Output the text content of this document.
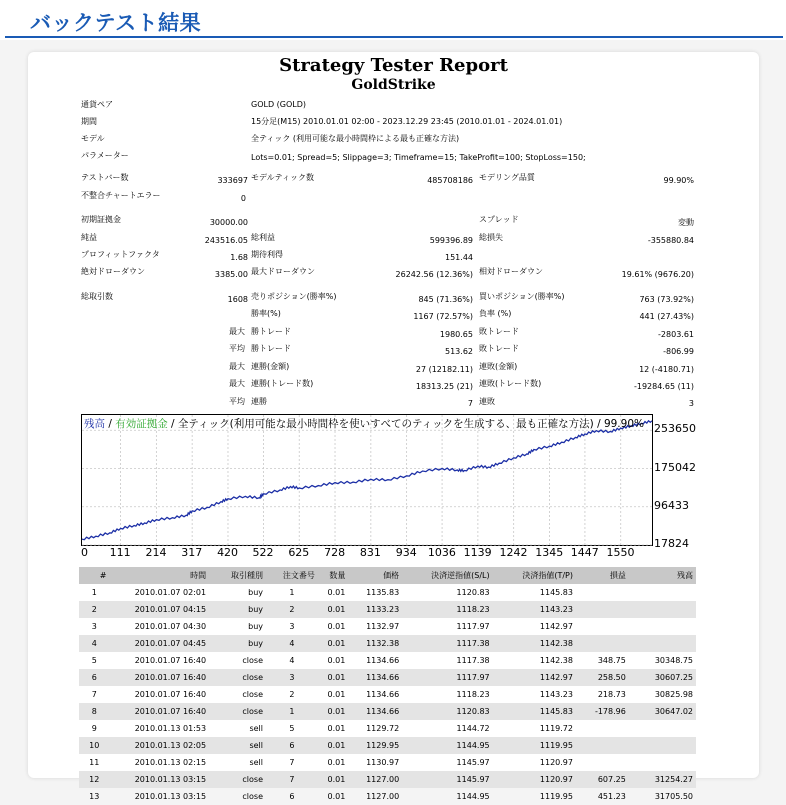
バックテスト結果
Strategy Tester Report
GoldStrike
通貨ペア	GOLD (GOLD)
期間	15分足(M15) 2010.01.01 02:00 - 2023.12.29 23:45 (2010.01.01 - 2024.01.01)
モデル	全ティック (利用可能な最小時間枠による最も正確な方法)
パラメーター	Lots=0.01; Spread=5; Slippage=3; Timeframe=15; TakeProfit=100; StopLoss=150;
テストバー数	333697 モデルティック数	485708186 モデリング品質	99.90%
不整合チャートエラー	0
初期証拠金	30000.00	スプレッド	変動
純益	243516.05 総利益	599396.89 総損失	-355880.84
プロフィットファクタ	1.68 期待利得	151.44
絶対ドローダウン	3385.00 最大ドローダウン	26242.56 (12.36%) 相対ドローダウン	19.61% (9676.20)
総取引数	1608 売りポジション(勝率%)	845 (71.36%) 買いポジション(勝率%)	763 (73.92%)
勝率(%)	1167 (72.57%) 負率 (%)	441 (27.43%)
最大 勝トレード	1980.65 敗トレード	-2803.61
平均 勝トレード	513.62 敗トレード	-806.99
最大 連勝(金額)	27 (12182.11) 連敗(金額)	12 (-4180.71)
最大 連勝(トレード数)	18313.25 (21) 連敗(トレード数)	-19284.65 (11)
平均 連勝	7 連敗	3
残高 / 有効証拠金 / 全ティック(利用可能な最小時間枠を使いすべてのティックを生成する、最も正確な方法) / 99.90% 253650
175042
96433
17824
0 111 214 317 420 522 625 728 831 934 1036 1139 1242 1345 1447 1550
#	時間	取引種別	注文番号	数量	価格	決済逆指値(S/L)	決済指値(T/P)	損益	残高
1	2010.01.07 02:01	buy	1	0.01	1135.83	1120.83	1145.83		
2	2010.01.07 04:15	buy	2	0.01	1133.23	1118.23	1143.23		
3	2010.01.07 04:30	buy	3	0.01	1132.97	1117.97	1142.97		
4	2010.01.07 04:45	buy	4	0.01	1132.38	1117.38	1142.38		
5	2010.01.07 16:40	close	4	0.01	1134.66	1117.38	1142.38	348.75	30348.75
6	2010.01.07 16:40	close	3	0.01	1134.66	1117.97	1142.97	258.50	30607.25
7	2010.01.07 16:40	close	2	0.01	1134.66	1118.23	1143.23	218.73	30825.98
8	2010.01.07 16:40	close	1	0.01	1134.66	1120.83	1145.83	-178.96	30647.02
9	2010.01.13 01:53	sell	5	0.01	1129.72	1144.72	1119.72		
10	2010.01.13 02:05	sell	6	0.01	1129.95	1144.95	1119.95		
11	2010.01.13 02:15	sell	7	0.01	1130.97	1145.97	1120.97		
12	2010.01.13 03:15	close	7	0.01	1127.00	1145.97	1120.97	607.25	31254.27
13	2010.01.13 03:15	close	6	0.01	1127.00	1144.95	1119.95	451.23	31705.50
